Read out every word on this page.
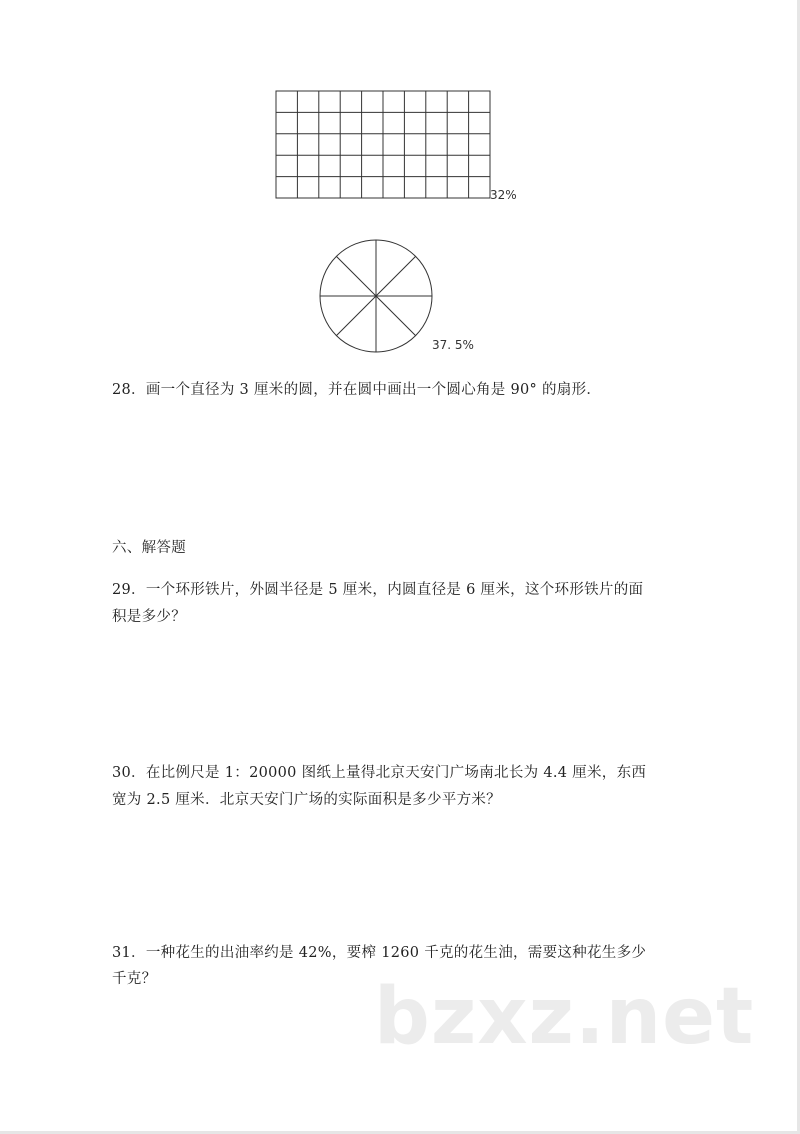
32%
37. 5%
28．画一个直径为 3 厘米的圆，并在圆中画出一个圆心角是 90° 的扇形．
六、解答题
29．一个环形铁片，外圆半径是 5 厘米，内圆直径是 6 厘米，这个环形铁片的面
积是多少？
30．在比例尺是 1：20000 图纸上量得北京天安门广场南北长为 4.4 厘米，东西
宽为 2.5 厘米．北京天安门广场的实际面积是多少平方米？
31．一种花生的出油率约是 42%，要榨 1260 千克的花生油，需要这种花生多少
千克？	bzxz.net
